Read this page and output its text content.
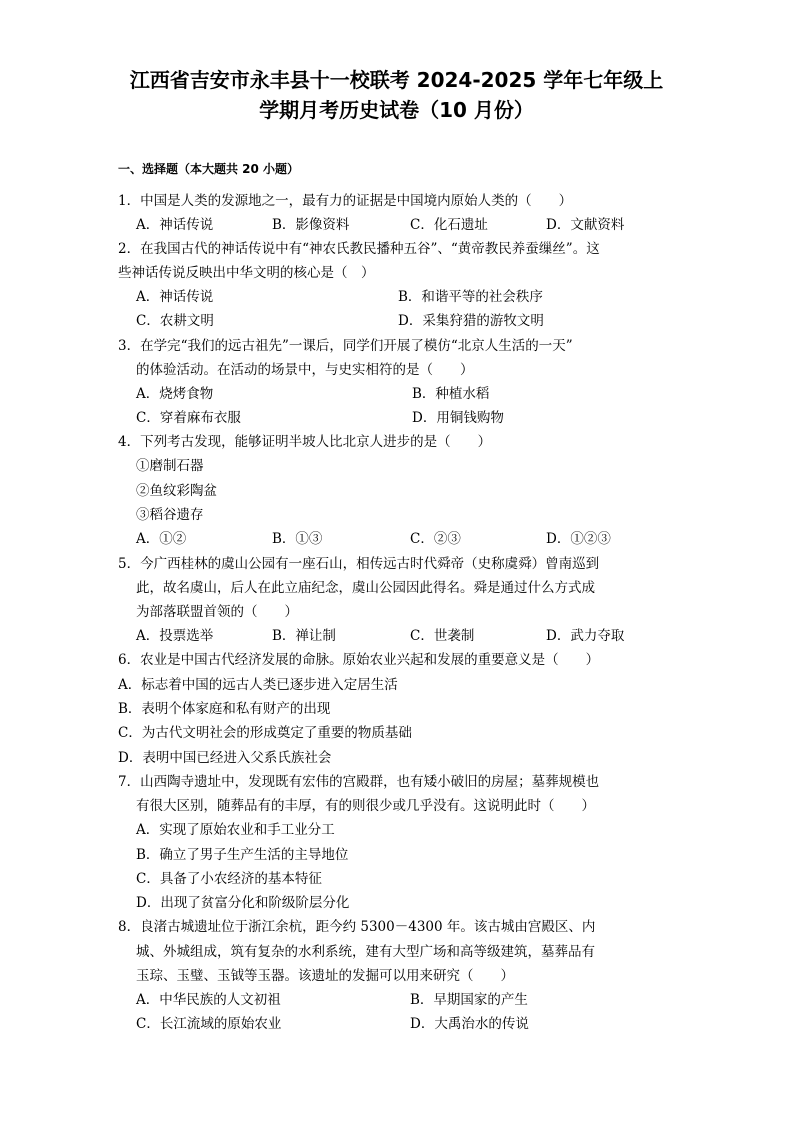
江西省吉安市永丰县十一校联考 2024-2025 学年七年级上
学期月考历史试卷（10 月份）
一、选择题（本大题共 20 小题）
1．中国是人类的发源地之一，最有力的证据是中国境内原始人类的（　　）
A．神话传说	B．影像资料	C．化石遗址	D．文献资料
2．在我国古代的神话传说中有“神农氏教民播种五谷”、“黄帝教民养蚕缫丝”。这
些神话传说反映出中华文明的核心是（　）
A．神话传说	B．和谐平等的社会秩序
C．农耕文明	D．采集狩猎的游牧文明
3．在学完“我们的远古祖先”一课后，同学们开展了模仿“北京人生活的一天”
的体验活动。在活动的场景中，与史实相符的是（　　）
A．烧烤食物	B．种植水稻
C．穿着麻布衣服	D．用铜钱购物
4．下列考古发现，能够证明半坡人比北京人进步的是（　　）
①磨制石器
②鱼纹彩陶盆
③稻谷遗存
A．①②	B．①③	C．②③	D．①②③
5．今广西桂林的虞山公园有一座石山，相传远古时代舜帝（史称虞舜）曾南巡到
此，故名虞山，后人在此立庙纪念，虞山公园因此得名。舜是通过什么方式成
为部落联盟首领的（　　）
A．投票选举	B．禅让制	C．世袭制	D．武力夺取
6．农业是中国古代经济发展的命脉。原始农业兴起和发展的重要意义是（　　）
A．标志着中国的远古人类已逐步进入定居生活
B．表明个体家庭和私有财产的出现
C．为古代文明社会的形成奠定了重要的物质基础
D．表明中国已经进入父系氏族社会
7．山西陶寺遗址中，发现既有宏伟的宫殿群，也有矮小破旧的房屋；墓葬规模也
有很大区别，随葬品有的丰厚，有的则很少或几乎没有。这说明此时（　　）
A．实现了原始农业和手工业分工
B．确立了男子生产生活的主导地位
C．具备了小农经济的基本特征
D．出现了贫富分化和阶级阶层分化
8．良渚古城遗址位于浙江余杭，距今约 5300－4300 年。该古城由宫殿区、内
城、外城组成，筑有复杂的水利系统，建有大型广场和高等级建筑，墓葬品有
玉琮、玉璧、玉钺等玉器。该遗址的发掘可以用来研究（　　）
A．中华民族的人文初祖	B．早期国家的产生
C．长江流域的原始农业	D．大禹治水的传说
